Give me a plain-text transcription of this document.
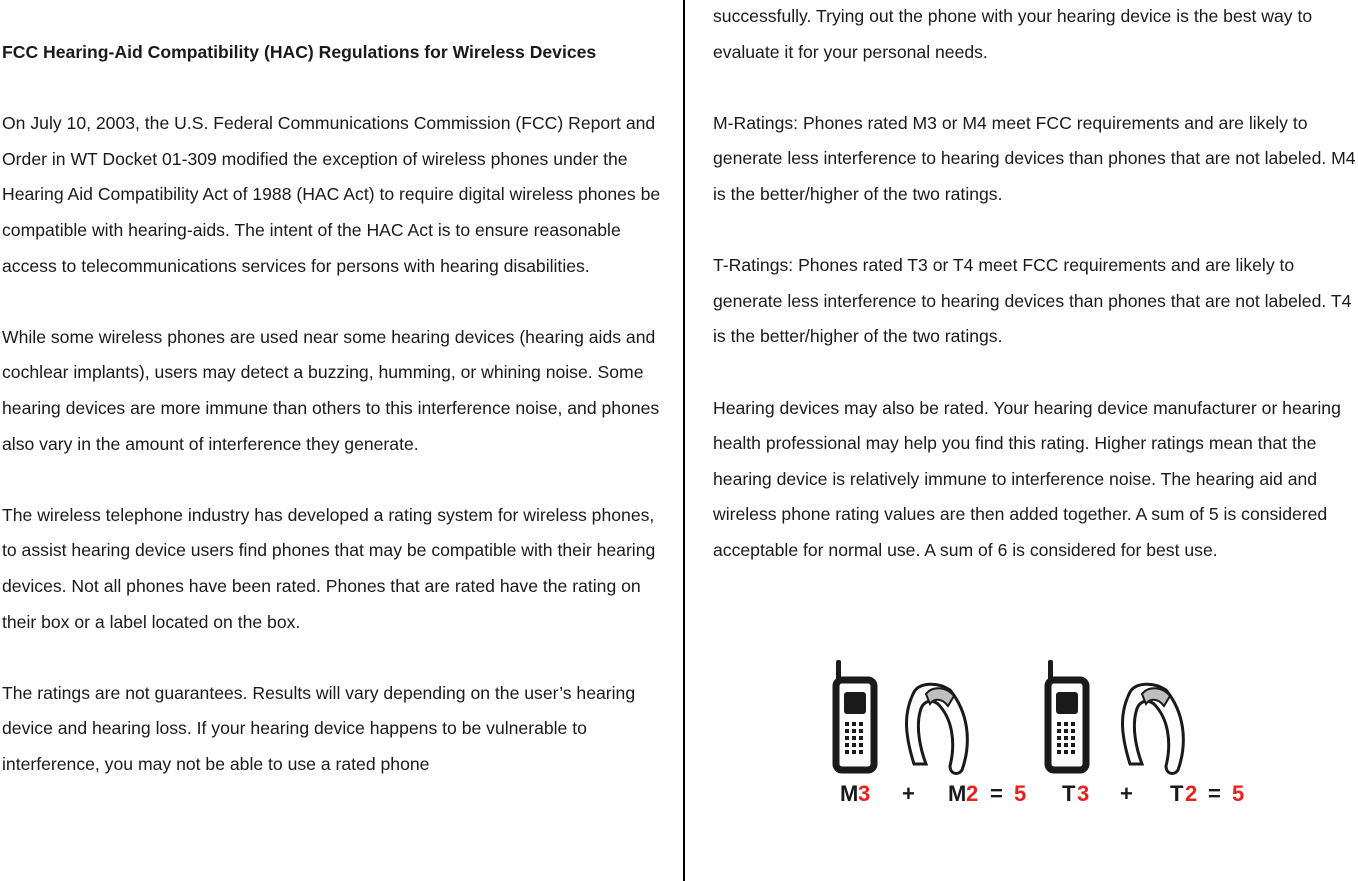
FCC Hearing-Aid Compatibility (HAC) Regulations for Wireless Devices
On July 10, 2003, the U.S. Federal Communications Commission (FCC) Report and Order in WT Docket 01-309 modified the exception of wireless phones under the Hearing Aid Compatibility Act of 1988 (HAC Act) to require digital wireless phones be compatible with hearing-aids. The intent of the HAC Act is to ensure reasonable access to telecommunications services for persons with hearing disabilities.
While some wireless phones are used near some hearing devices (hearing aids and cochlear implants), users may detect a buzzing, humming, or whining noise. Some hearing devices are more immune than others to this interference noise, and phones also vary in the amount of interference they generate.
The wireless telephone industry has developed a rating system for wireless phones, to assist hearing device users find phones that may be compatible with their hearing devices. Not all phones have been rated. Phones that are rated have the rating on their box or a label located on the box.
The ratings are not guarantees. Results will vary depending on the user’s hearing device and hearing loss. If your hearing device happens to be vulnerable to interference, you may not be able to use a rated phone
successfully. Trying out the phone with your hearing device is the best way to evaluate it for your personal needs.
M-Ratings: Phones rated M3 or M4 meet FCC requirements and are likely to generate less interference to hearing devices than phones that are not labeled. M4 is the better/higher of the two ratings.
T-Ratings: Phones rated T3 or T4 meet FCC requirements and are likely to generate less interference to hearing devices than phones that are not labeled. T4 is the better/higher of the two ratings.
Hearing devices may also be rated. Your hearing device manufacturer or hearing health professional may help you find this rating. Higher ratings mean that the hearing device is relatively immune to interference noise. The hearing aid and wireless phone rating values are then added together. A sum of 5 is considered acceptable for normal use. A sum of 6 is considered for best use.
M 3 + M 2 = 5 T 3 + T 2 = 5
